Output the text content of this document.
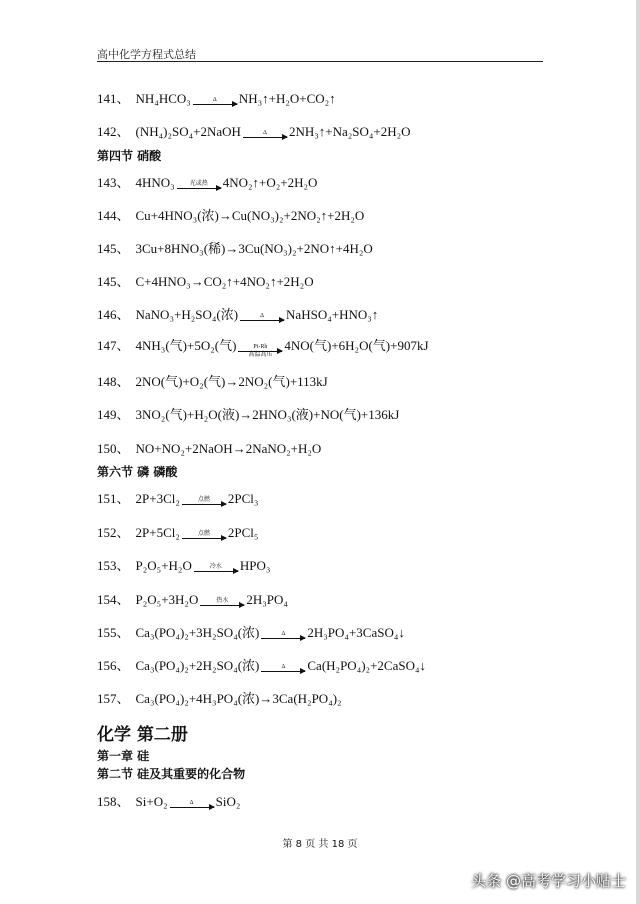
高中化学方程式总结
第四节 硝酸
第六节 磷 磷酸
化学 第二册
第一章 硅
第二节 硅及其重要的化合物
141、 NH₄HCO₃	Δ NH₃↑+H₂O+CO₂↑
142、 (NH₄)₂SO₄+2NaOH	Δ 2NH₃↑+Na₂SO₄+2H₂O
143、 4HNO₃ 光或热 4NO₂↑+O₂+2H₂O
144、 Cu+4HNO₃(浓)→Cu(NO₃)₂+2NO₂↑+2H₂O
145、 3Cu+8HNO₃(稀)→3Cu(NO₃)₂+2NO↑+4H₂O
145、 C+4HNO₃→CO₂↑+4NO₂↑+2H₂O
146、 NaNO₃+H₂SO₄(浓)	Δ NaHSO₄+HNO₃↑
147、 4NH₃(气)+5O₂(气)	Pt-Rh
高温高压
4NO(气)+6H₂O(气)+907kJ
148、 2NO(气)+O₂(气)→2NO₂(气)+113kJ
149、 3NO₂(气)+H₂O(液)→2HNO₃(液)+NO(气)+136kJ
150、 NO+NO₂+2NaOH→2NaNO₂+H₂O
151、 2P+3Cl₂	点燃 2PCl₃
152、 2P+5Cl₂	点燃 2PCl₅
153、 P₂O₅+H₂O	冷水 HPO₃
154、 P₂O₅+3H₂O	热水 2H₃PO₄
155、 Ca₃(PO₄)₂+3H₂SO₄(浓)	Δ 2H₃PO₄+3CaSO₄↓
156、 Ca₃(PO₄)₂+2H₂SO₄(浓)	Δ Ca(H₂PO₄)₂+2CaSO₄↓
157、 Ca₃(PO₄)₂+4H₃PO₄(浓)→3Ca(H₂PO₄)₂
158、 Si+O₂	Δ SiO₂
第 8 页 共 18 页
头条 @高考学习小贴士
